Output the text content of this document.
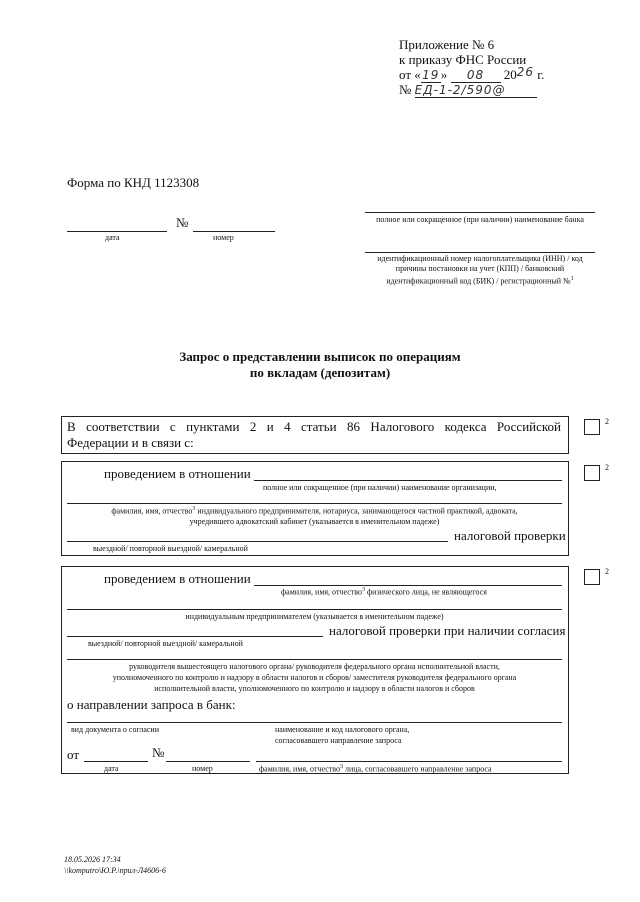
Приложение № 6
к приказу ФНС России
от «19» 08 2026 г.
№ ЕД-1-2/590@
Форма по КНД 1123308
№
дата	номер
полное или сокращенное (при наличии) наименование банка
идентификационный номер налогоплательщика (ИНН) / код причины постановки на учет (КПП) / банковский идентификационный код (БИК) / регистрационный №$^1$
Запрос о представлении выписок по операциям
по вкладам (депозитам)
В соответствии с пунктами 2 и 4 статьи 86 Налогового кодекса Российской
Федерации и в связи с:
2
проведением в отношении
полное или сокращенное (при наличии) наименование организации,
фамилия, имя, отчество$^3$ индивидуального предпринимателя, нотариуса, занимающегося частной практикой, адвоката,
учредившего адвокатский кабинет (указывается в именительном падеже)
налоговой проверки
выездной/ повторной выездной/ камеральной
2
проведением в отношении
фамилия, имя, отчество$^3$ физического лица, не являющегося
индивидуальным предпринимателем (указывается в именительном падеже)
налоговой проверки при наличии согласия
выездной/ повторной выездной/ камеральной
руководителя вышестоящего налогового органа/ руководителя федерального органа исполнительной власти,
уполномоченного по контролю и надзору в области налогов и сборов/ заместителя руководителя федерального органа
исполнительной власти, уполномоченного по контролю и надзору в области налогов и сборов
о направлении запроса в банк:
вид документа о согласии	наименование и код налогового органа,
согласовавшего направление запроса
от	№
дата	номер	фамилия, имя, отчество$^3$ лица, согласовавшего направление запроса
2
18.05.2026 17:34
\\komputro\Ю.Р.\прил-Л4606-6
